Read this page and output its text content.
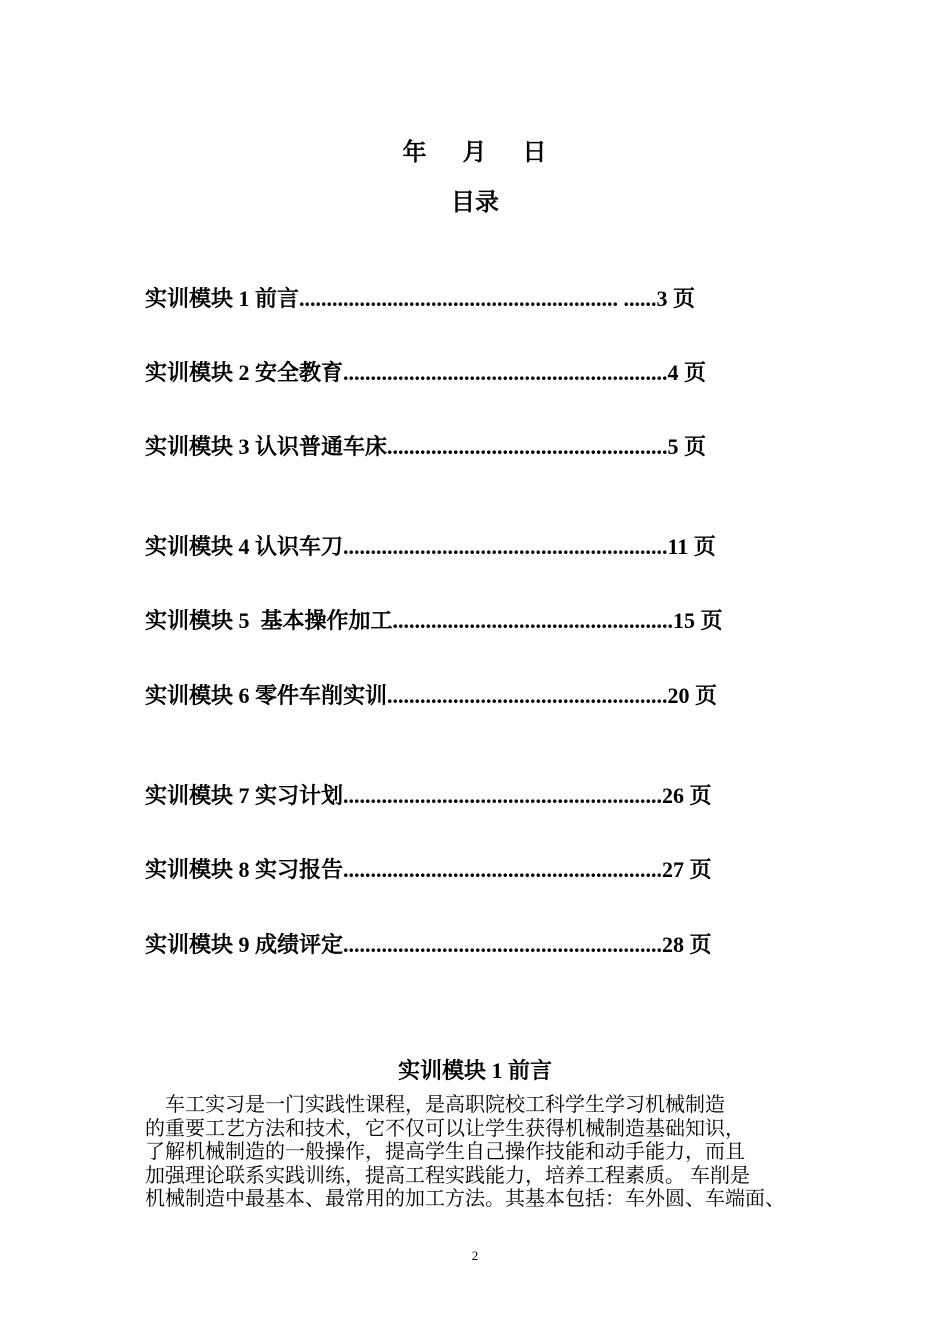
年 月 日
目录
实训模块 1 前言.......................................................... ......3 页
实训模块 2 安全教育...........................................................4 页
实训模块 3 认识普通车床...................................................5 页
实训模块 4 认识车刀...........................................................11 页
实训模块 5  基本操作加工...................................................15 页
实训模块 6 零件车削实训...................................................20 页
实训模块 7 实习计划..........................................................26 页
实训模块 8 实习报告..........................................................27 页
实训模块 9 成绩评定..........................................................28 页
实训模块 1 前言
车工实习是一门实践性课程，是高职院校工科学生学习机械制造
的重要工艺方法和技术，它不仅可以让学生获得机械制造基础知识，
了解机械制造的一般操作，提高学生自己操作技能和动手能力，而且
加强理论联系实践训练，提高工程实践能力，培养工程素质。 车削是
机械制造中最基本、最常用的加工方法。其基本包括：车外圆、车端面、
2
